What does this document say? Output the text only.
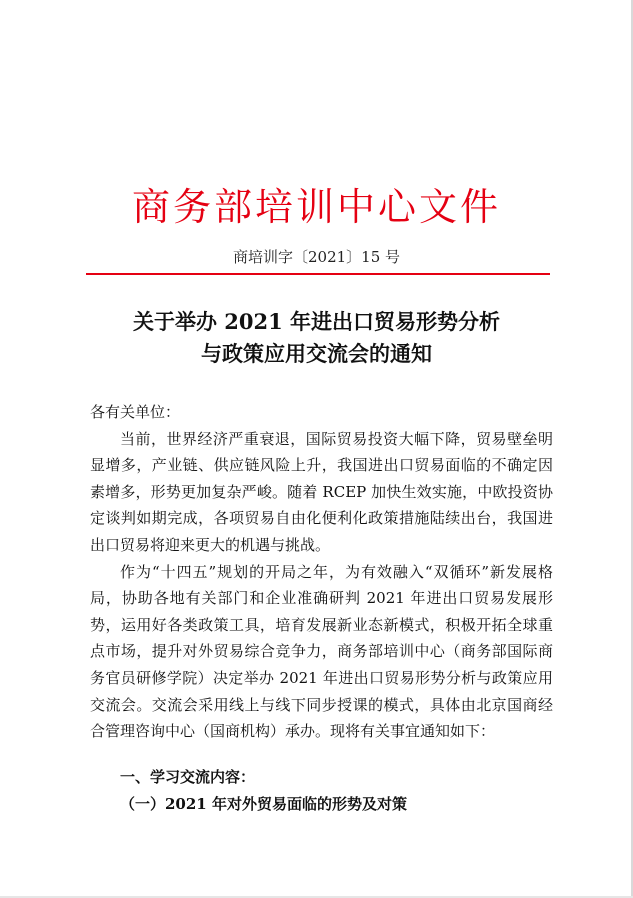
商务部培训中心文件
商培训字〔2021〕15 号
关于举办 2021 年进出口贸易形势分析
与政策应用交流会的通知

各有关单位：

当前，世界经济严重衰退，国际贸易投资大幅下降，贸易壁垒明显增多，产业链、供应链风险上升，我国进出口贸易面临的不确定因素增多，形势更加复杂严峻。随着 RCEP 加快生效实施，中欧投资协定谈判如期完成，各项贸易自由化便利化政策措施陆续出台，我国进出口贸易将迎来更大的机遇与挑战。

作为“十四五”规划的开局之年，为有效融入“双循环”新发展格局，协助各地有关部门和企业准确研判 2021 年进出口贸易发展形势，运用好各类政策工具，培育发展新业态新模式，积极开拓全球重点市场，提升对外贸易综合竞争力，商务部培训中心（商务部国际商务官员研修学院）决定举办 2021 年进出口贸易形势分析与政策应用交流会。交流会采用线上与线下同步授课的模式，具体由北京国商经合管理咨询中心（国商机构）承办。现将有关事宜通知如下：

一、学习交流内容：
（一）2021 年对外贸易面临的形势及对策
